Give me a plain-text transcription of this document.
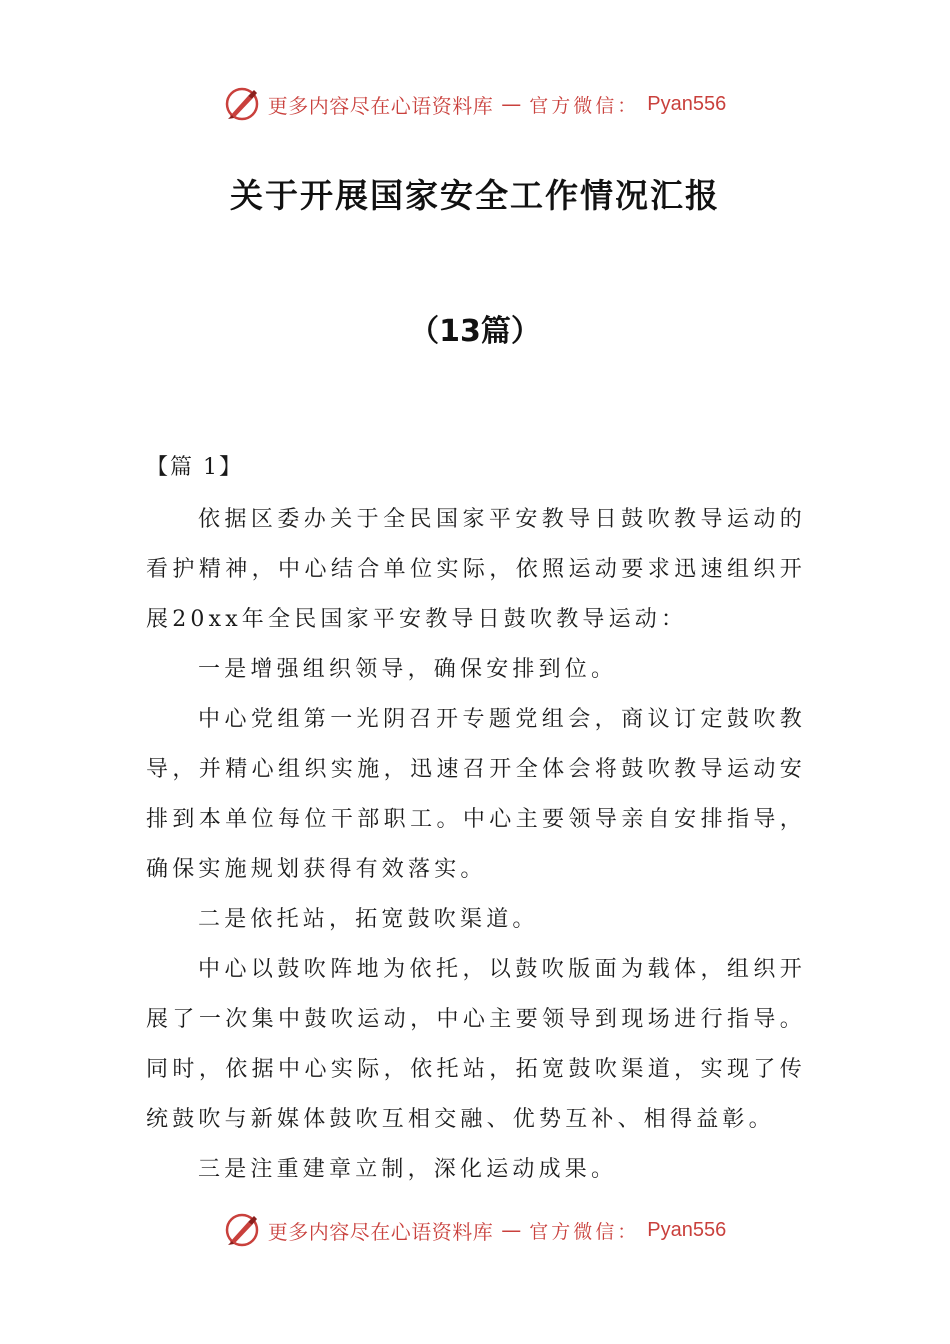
更多内容尽在心语资料库 — 官方微信： Pyan556
关于开展国家安全工作情况汇报
（13篇）

【篇 1】

依据区委办关于全民国家平安教导日鼓吹教导运动的看护精神，中心结合单位实际，依照运动要求迅速组织开展20xx年全民国家平安教导日鼓吹教导运动：

一是增强组织领导，确保安排到位。

中心党组第一光阴召开专题党组会，商议订定鼓吹教导，并精心组织实施，迅速召开全体会将鼓吹教导运动安排到本单位每位干部职工。中心主要领导亲自安排指导，确保实施规划获得有效落实。

二是依托站，拓宽鼓吹渠道。

中心以鼓吹阵地为依托，以鼓吹版面为载体，组织开展了一次集中鼓吹运动，中心主要领导到现场进行指导。同时，依据中心实际，依托站，拓宽鼓吹渠道，实现了传统鼓吹与新媒体鼓吹互相交融、优势互补、相得益彰。

三是注重建章立制，深化运动成果。

更多内容尽在心语资料库 — 官方微信： Pyan556
